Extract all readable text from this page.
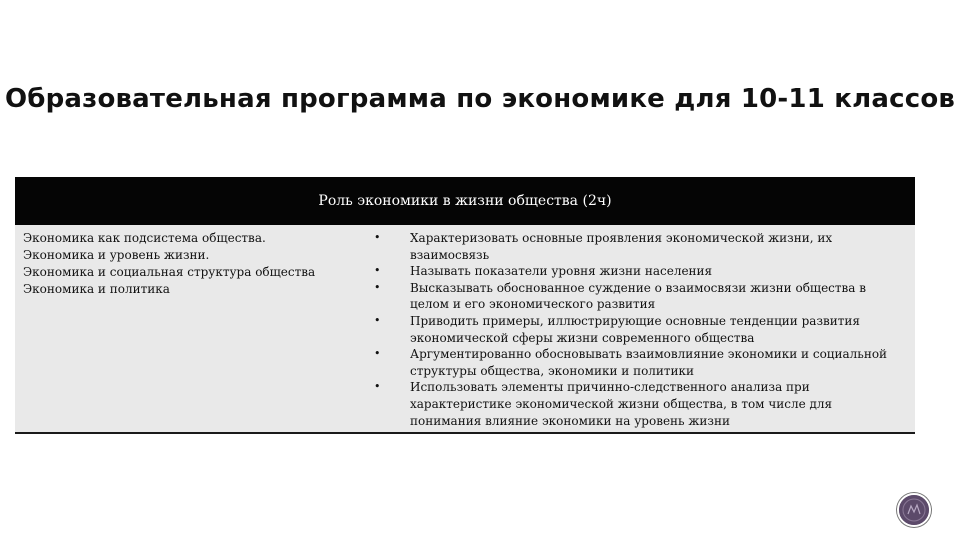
Образовательная программа по экономике для 10-11 классов
Роль экономики в жизни общества (2ч)
Экономика как подсистема общества.
Экономика и уровень жизни.
Экономика и социальная структура общества
Экономика и политика
•	Характеризовать основные проявления экономической жизни, их взаимосвязь
•	Называть показатели уровня жизни населения
•	Высказывать обоснованное суждение о взаимосвязи жизни общества в целом и его экономического развития
•	Приводить примеры, иллюстрирующие основные тенденции развития экономической сферы жизни современного общества
•	Аргументированно обосновывать взаимовлияние экономики и социальной структуры общества, экономики и политики
•	Использовать элементы причинно-следственного анализа при характеристике экономической жизни общества, в том числе для понимания влияние экономики на уровень жизни
